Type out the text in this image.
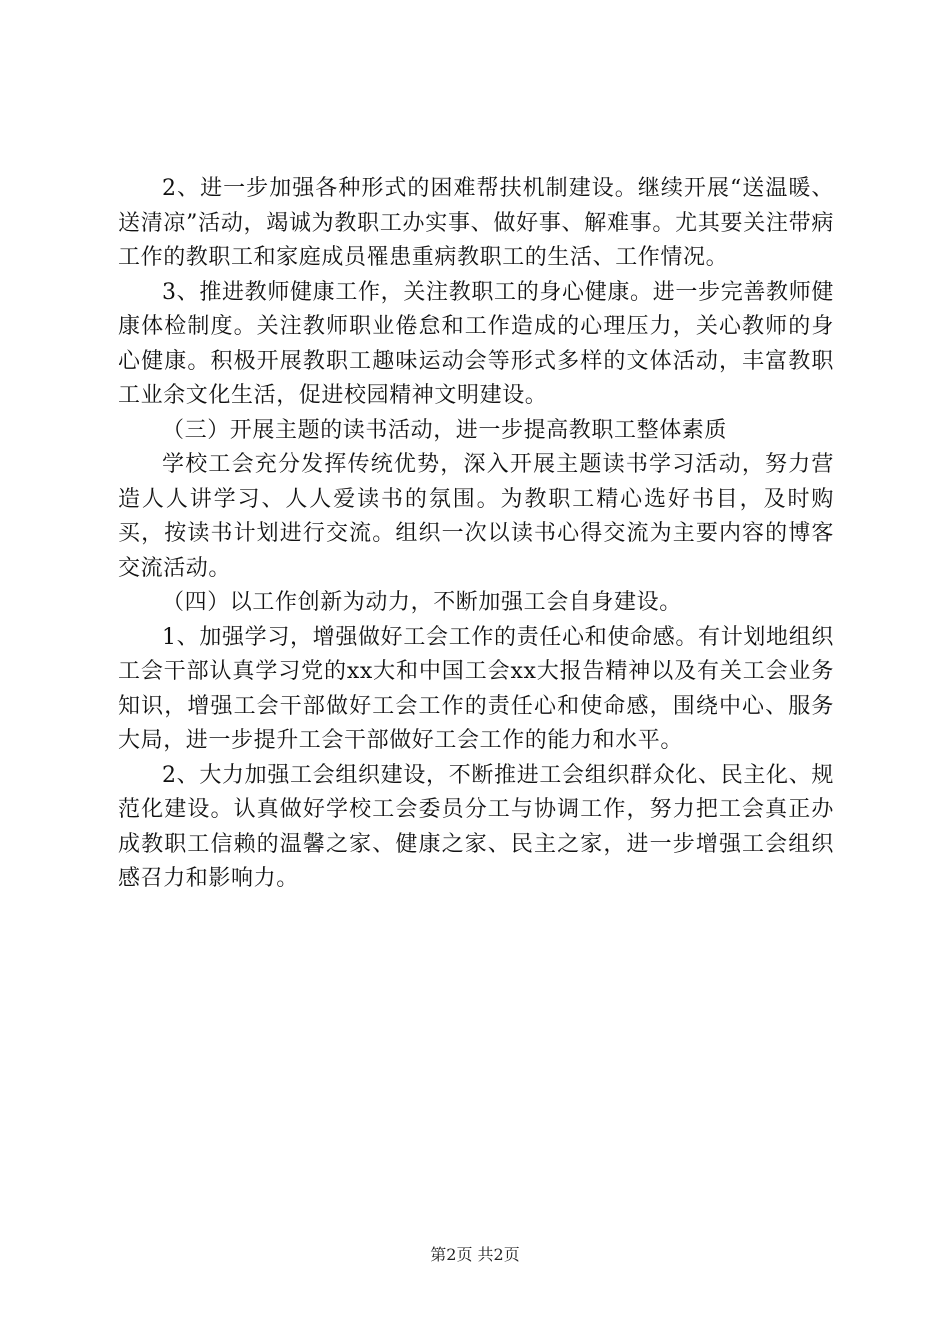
2、进一步加强各种形式的困难帮扶机制建设。继续开展“送温暖、送清凉”活动，竭诚为教职工办实事、做好事、解难事。尤其要关注带病工作的教职工和家庭成员罹患重病教职工的生活、工作情况。

3、推进教师健康工作，关注教职工的身心健康。进一步完善教师健康体检制度。关注教师职业倦怠和工作造成的心理压力，关心教师的身心健康。积极开展教职工趣味运动会等形式多样的文体活动，丰富教职工业余文化生活，促进校园精神文明建设。

（三）开展主题的读书活动，进一步提高教职工整体素质

学校工会充分发挥传统优势，深入开展主题读书学习活动，努力营造人人讲学习、人人爱读书的氛围。为教职工精心选好书目，及时购买，按读书计划进行交流。组织一次以读书心得交流为主要内容的博客交流活动。

（四）以工作创新为动力，不断加强工会自身建设。

1、加强学习，增强做好工会工作的责任心和使命感。有计划地组织工会干部认真学习党的xx大和中国工会xx大报告精神以及有关工会业务知识，增强工会干部做好工会工作的责任心和使命感，围绕中心、服务大局，进一步提升工会干部做好工会工作的能力和水平。

2、大力加强工会组织建设，不断推进工会组织群众化、民主化、规范化建设。认真做好学校工会委员分工与协调工作，努力把工会真正办成教职工信赖的温馨之家、健康之家、民主之家，进一步增强工会组织感召力和影响力。

第2页 共2页
